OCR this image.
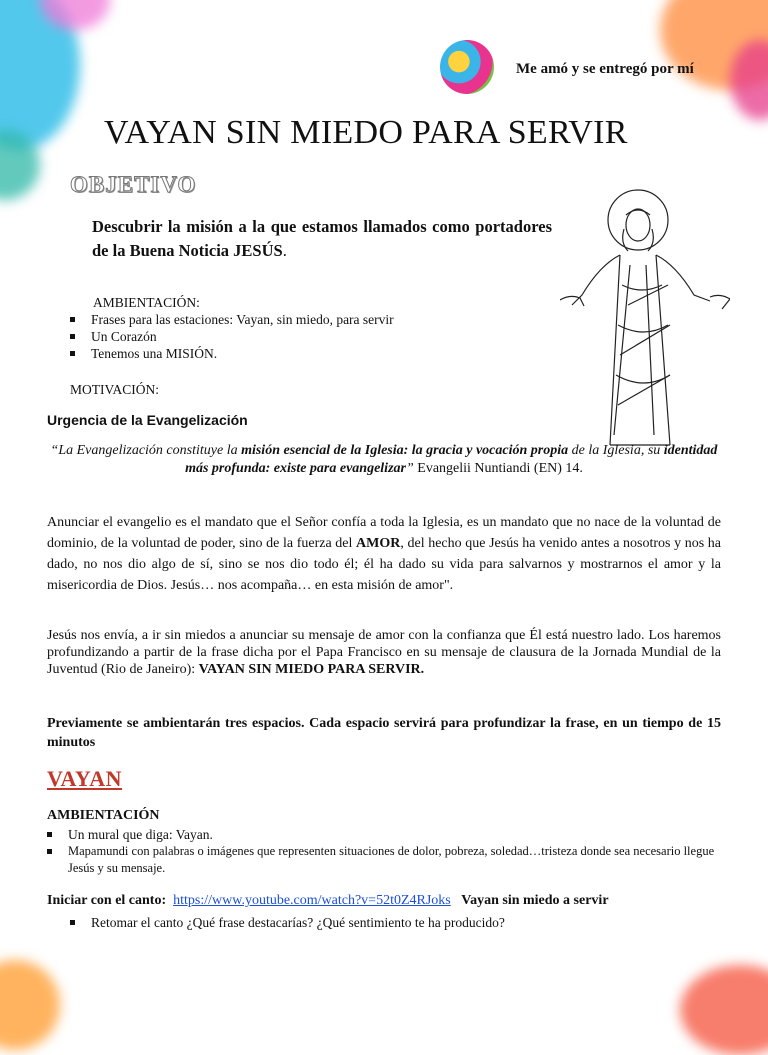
Me amó y se entregó por mí
VAYAN SIN MIEDO PARA SERVIR
OBJETIVO
Descubrir la misión a la que estamos llamados como portadores de la Buena Noticia JESÚS.
AMBIENTACIÓN:
Frases para las estaciones: Vayan, sin miedo, para servir
Un Corazón
Tenemos una MISIÓN.
MOTIVACIÓN:
Urgencia de la Evangelización
“La Evangelización constituye la misión esencial de la Iglesia: la gracia y vocación propia de la Iglesia, su identidad más profunda: existe para evangelizar” Evangelii Nuntiandi (EN) 14.
Anunciar el evangelio es el mandato que el Señor confía a toda la Iglesia, es un mandato que no nace de la voluntad de dominio, de la voluntad de poder, sino de la fuerza del AMOR, del hecho que Jesús ha venido antes a nosotros y nos ha dado, no nos dio algo de sí, sino se nos dio todo él; él ha dado su vida para salvarnos y mostrarnos el amor y la misericordia de Dios. Jesús… nos acompaña… en esta misión de amor".
Jesús nos envía, a ir sin miedos a anunciar su mensaje de amor con la confianza que Él está nuestro lado. Los haremos profundizando a partir de la frase dicha por el Papa Francisco en su mensaje de clausura de la Jornada Mundial de la Juventud (Rio de Janeiro): VAYAN SIN MIEDO PARA SERVIR.
Previamente se ambientarán tres espacios. Cada espacio servirá para profundizar la frase, en un tiempo de 15 minutos
VAYAN
AMBIENTACIÓN
Un mural que diga: Vayan.
Mapamundi con palabras o imágenes que representen situaciones de dolor, pobreza, soledad…tristeza donde sea necesario llegue Jesús y su mensaje.
Iniciar con el canto: https://www.youtube.com/watch?v=52t0Z4RJoks Vayan sin miedo a servir
Retomar el canto ¿Qué frase destacarías? ¿Qué sentimiento te ha producido?
